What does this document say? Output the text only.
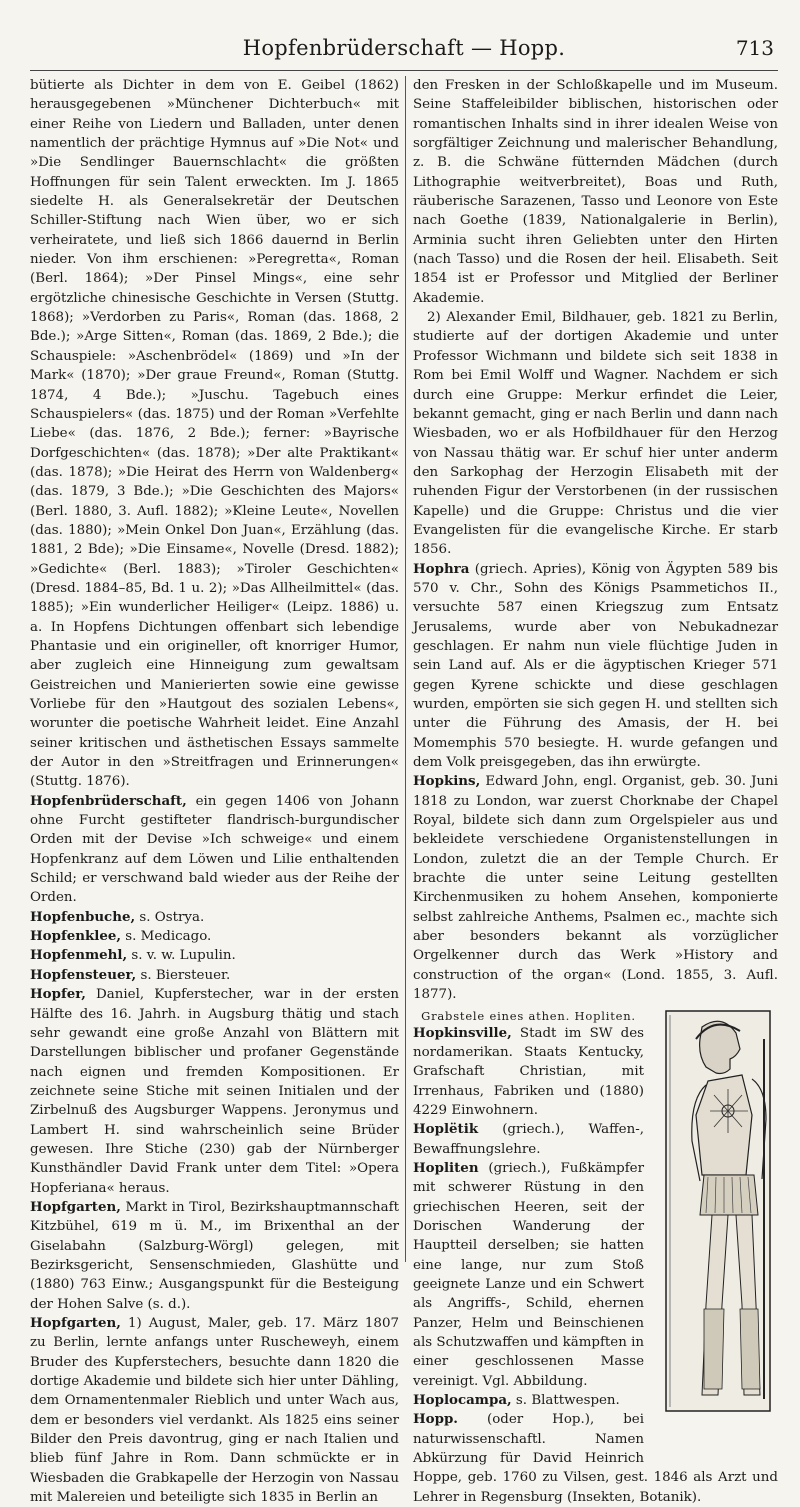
Hopfenbrüderschaft — Hopp.	713

bütierte als Dichter in dem von E. Geibel (1862) herausgegebenen »Münchener Dichterbuch« mit einer Reihe von Liedern und Balladen, unter denen namentlich der prächtige Hymnus auf »Die Not« und »Die Sendlinger Bauernschlacht« die größten Hoffnungen für sein Talent erweckten. Im J. 1865 siedelte H. als Generalsekretär der Deutschen Schiller-Stiftung nach Wien über, wo er sich verheiratete, und ließ sich 1866 dauernd in Berlin nieder. Von ihm erschienen: »Peregretta«, Roman (Berl. 1864); »Der Pinsel Mings«, eine sehr ergötzliche chinesische Geschichte in Versen (Stuttg. 1868); »Verdorben zu Paris«, Roman (das. 1868, 2 Bde.); »Arge Sitten«, Roman (das. 1869, 2 Bde.); die Schauspiele: »Aschenbrödel« (1869) und »In der Mark« (1870); »Der graue Freund«, Roman (Stuttg. 1874, 4 Bde.); »Juschu. Tagebuch eines Schauspielers« (das. 1875) und der Roman »Verfehlte Liebe« (das. 1876, 2 Bde.); ferner: »Bayrische Dorfgeschichten« (das. 1878); »Der alte Praktikant« (das. 1878); »Die Heirat des Herrn von Waldenberg« (das. 1879, 3 Bde.); »Die Geschichten des Majors« (Berl. 1880, 3. Aufl. 1882); »Kleine Leute«, Novellen (das. 1880); »Mein Onkel Don Juan«, Erzählung (das. 1881, 2 Bde); »Die Einsame«, Novelle (Dresd. 1882); »Gedichte« (Berl. 1883); »Tiroler Geschichten« (Dresd. 1884–85, Bd. 1 u. 2); »Das Allheilmittel« (das. 1885); »Ein wunderlicher Heiliger« (Leipz. 1886) u. a. In Hopfens Dichtungen offenbart sich lebendige Phantasie und ein origineller, oft knorriger Humor, aber zugleich eine Hinneigung zum gewaltsam Geistreichen und Manierierten sowie eine gewisse Vorliebe für den »Hautgout des sozialen Lebens«, worunter die poetische Wahrheit leidet. Eine Anzahl seiner kritischen und ästhetischen Essays sammelte der Autor in den »Streitfragen und Erinnerungen« (Stuttg. 1876).

Hopfenbrüderschaft, ein gegen 1406 von Johann ohne Furcht gestifteter flandrisch-burgundischer Orden mit der Devise »Ich schweige« und einem Hopfenkranz auf dem Löwen und Lilie enthaltenden Schild; er verschwand bald wieder aus der Reihe der Orden.

Hopfenbuche, s. Ostrya.

Hopfenklee, s. Medicago.

Hopfenmehl, s. v. w. Lupulin.

Hopfensteuer, s. Biersteuer.

Hopfer, Daniel, Kupferstecher, war in der ersten Hälfte des 16. Jahrh. in Augsburg thätig und stach sehr gewandt eine große Anzahl von Blättern mit Darstellungen biblischer und profaner Gegenstände nach eignen und fremden Kompositionen. Er zeichnete seine Stiche mit seinen Initialen und der Zirbelnuß des Augsburger Wappens. Jeronymus und Lambert H. sind wahrscheinlich seine Brüder gewesen. Ihre Stiche (230) gab der Nürnberger Kunsthändler David Frank unter dem Titel: »Opera Hopferiana« heraus.

Hopfgarten, Markt in Tirol, Bezirkshauptmannschaft Kitzbühel, 619 m ü. M., im Brixenthal an der Giselabahn (Salzburg-Wörgl) gelegen, mit Bezirksgericht, Sensenschmieden, Glashütte und (1880) 763 Einw.; Ausgangspunkt für die Besteigung der Hohen Salve (s. d.).

Hopfgarten, 1) August, Maler, geb. 17. März 1807 zu Berlin, lernte anfangs unter Ruscheweyh, einem Bruder des Kupferstechers, besuchte dann 1820 die dortige Akademie und bildete sich hier unter Dähling, dem Ornamentenmaler Rieblich und unter Wach aus, dem er besonders viel verdankt. Als 1825 eins seiner Bilder den Preis davontrug, ging er nach Italien und blieb fünf Jahre in Rom. Dann schmückte er in Wiesbaden die Grabkapelle der Herzogin von Nassau mit Malereien und beteiligte sich 1835 in Berlin an

den Fresken in der Schloßkapelle und im Museum. Seine Staffeleibilder biblischen, historischen oder romantischen Inhalts sind in ihrer idealen Weise von sorgfältiger Zeichnung und malerischer Behandlung, z. B. die Schwäne fütternden Mädchen (durch Lithographie weitverbreitet), Boas und Ruth, räuberische Sarazenen, Tasso und Leonore von Este nach Goethe (1839, Nationalgalerie in Berlin), Arminia sucht ihren Geliebten unter den Hirten (nach Tasso) und die Rosen der heil. Elisabeth. Seit 1854 ist er Professor und Mitglied der Berliner Akademie.

2) Alexander Emil, Bildhauer, geb. 1821 zu Berlin, studierte auf der dortigen Akademie und unter Professor Wichmann und bildete sich seit 1838 in Rom bei Emil Wolff und Wagner. Nachdem er sich durch eine Gruppe: Merkur erfindet die Leier, bekannt gemacht, ging er nach Berlin und dann nach Wiesbaden, wo er als Hofbildhauer für den Herzog von Nassau thätig war. Er schuf hier unter anderm den Sarkophag der Herzogin Elisabeth mit der ruhenden Figur der Verstorbenen (in der russischen Kapelle) und die Gruppe: Christus und die vier Evangelisten für die evangelische Kirche. Er starb 1856.

Hophra (griech. Apries), König von Ägypten 589 bis 570 v. Chr., Sohn des Königs Psammetichos II., versuchte 587 einen Kriegszug zum Entsatz Jerusalems, wurde aber von Nebukadnezar geschlagen. Er nahm nun viele flüchtige Juden in sein Land auf. Als er die ägyptischen Krieger 571 gegen Kyrene schickte und diese geschlagen wurden, empörten sie sich gegen H. und stellten sich unter die Führung des Amasis, der H. bei Momemphis 570 besiegte. H. wurde gefangen und dem Volk preisgegeben, das ihn erwürgte.

Hopkins, Edward John, engl. Organist, geb. 30. Juni 1818 zu London, war zuerst Chorknabe der Chapel Royal, bildete sich dann zum Orgelspieler aus und bekleidete verschiedene Organistenstellungen in London, zuletzt die an der Temple Church. Er brachte die unter seine Leitung gestellten Kirchenmusiken zu hohem Ansehen, komponierte selbst zahlreiche Anthems, Psalmen ec., machte sich aber besonders bekannt als vorzüglicher Orgelkenner durch das Werk »History and construction of the organ« (Lond. 1855, 3. Aufl. 1877).

Grabstele eines athen. Hopliten.
Hopkinsville, Stadt im SW des nordamerikan. Staats Kentucky, Grafschaft Christian, mit Irrenhaus, Fabriken und (1880) 4229 Einwohnern.

Hoplëtik (griech.), Waffen-, Bewaffnungslehre.

Hopliten (griech.), Fußkämpfer mit schwerer Rüstung in den griechischen Heeren, seit der Dorischen Wanderung der Hauptteil derselben; sie hatten eine lange, nur zum Stoß geeignete Lanze und ein Schwert als Angriffs-, Schild, ehernen Panzer, Helm und Beinschienen als Schutzwaffen und kämpften in einer geschlossenen Masse vereinigt. Vgl. Abbildung.

Hoplocampa, s. Blattwespen.

Hopp. (oder Hop.), bei naturwissenschaftl. Namen Abkürzung für David Heinrich Hoppe, geb. 1760 zu Vilsen, gest. 1846 als Arzt und Lehrer in Regensburg (Insekten, Botanik).
